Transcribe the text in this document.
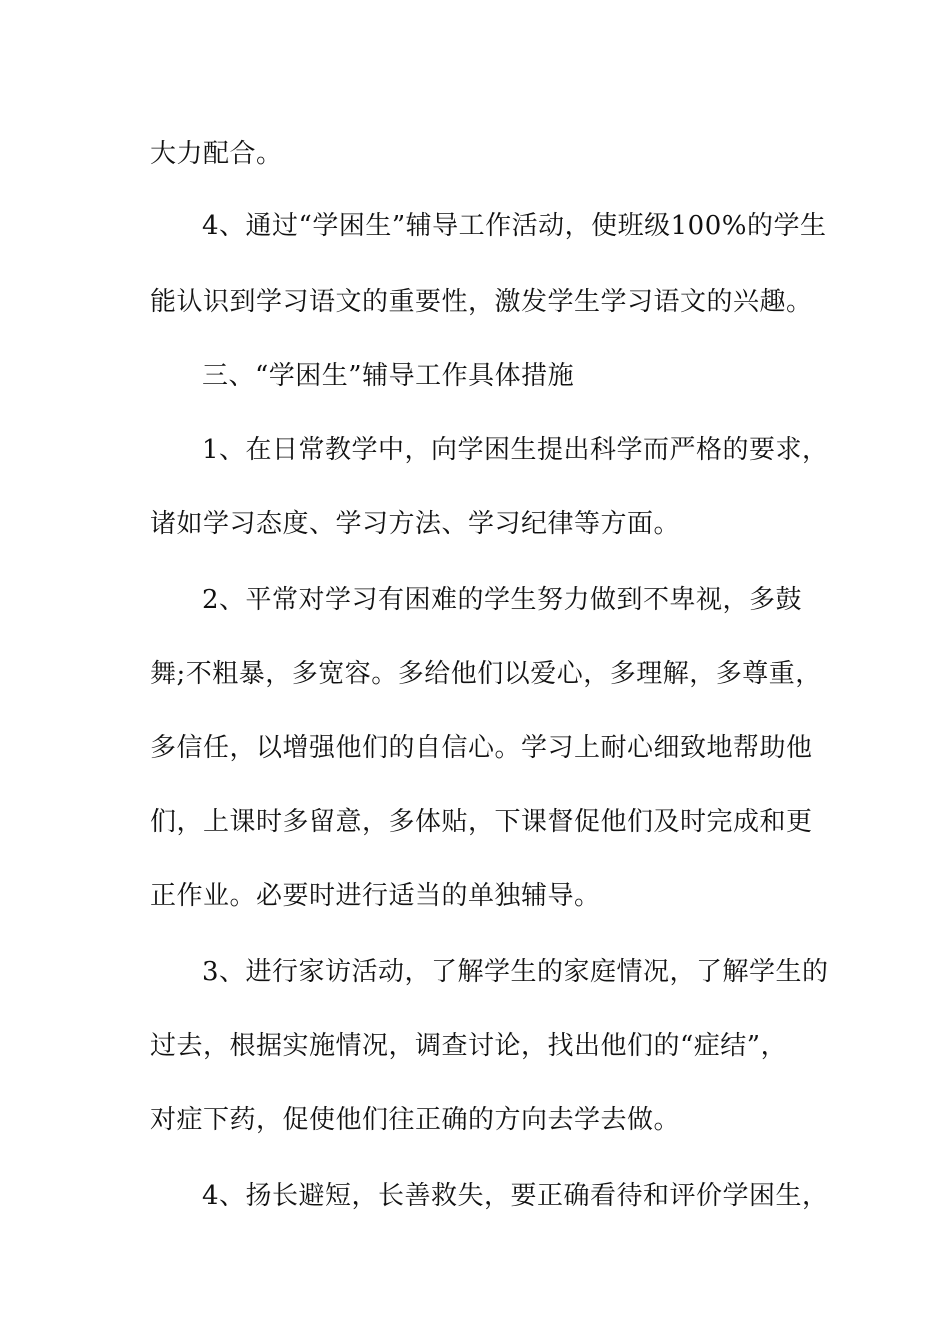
大力配合。
4、通过“学困生”辅导工作活动，使班级100%的学生
能认识到学习语文的重要性，激发学生学习语文的兴趣。
三、“学困生”辅导工作具体措施
1、在日常教学中，向学困生提出科学而严格的要求，
诸如学习态度、学习方法、学习纪律等方面。
2、平常对学习有困难的学生努力做到不卑视，多鼓
舞;不粗暴，多宽容。多给他们以爱心，多理解，多尊重，
多信任，以增强他们的自信心。学习上耐心细致地帮助他
们，上课时多留意，多体贴，下课督促他们及时完成和更
正作业。必要时进行适当的单独辅导。
3、进行家访活动，了解学生的家庭情况，了解学生的
过去，根据实施情况，调查讨论，找出他们的“症结”，
对症下药，促使他们往正确的方向去学去做。
4、扬长避短，长善救失，要正确看待和评价学困生，
